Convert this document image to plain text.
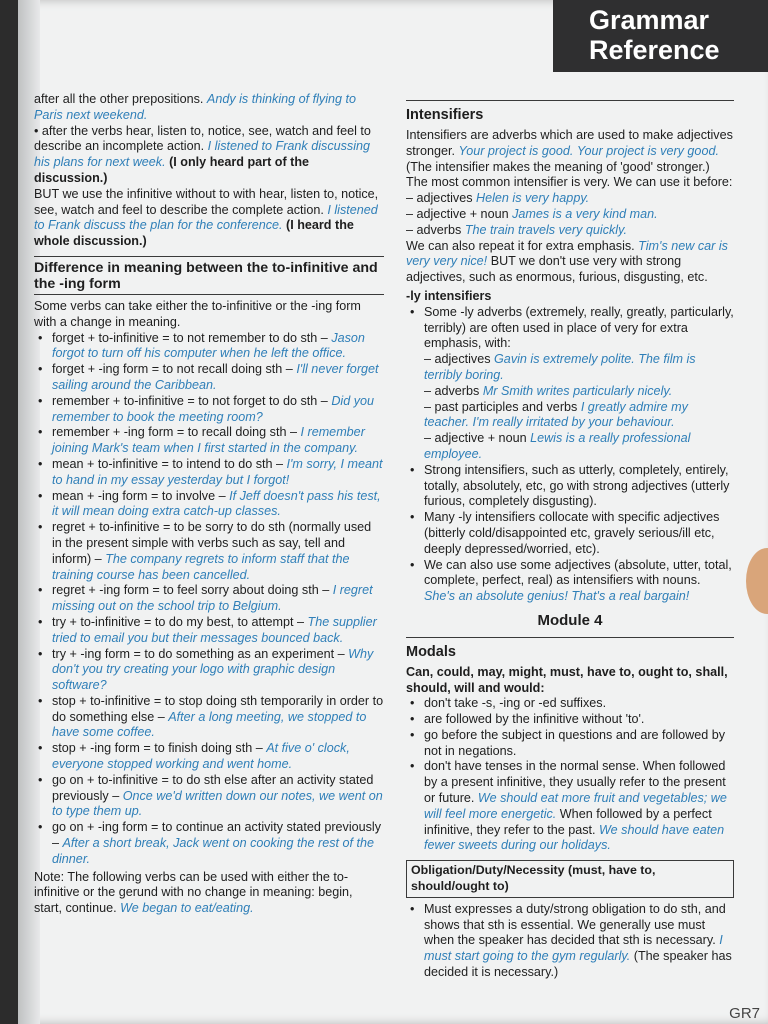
Grammar
Reference

after all the other prepositions. Andy is thinking of flying to Paris next weekend.

• after the verbs hear, listen to, notice, see, watch and feel to describe an incomplete action. I listened to Frank discussing his plans for next week. (I only heard part of the discussion.)

BUT we use the infinitive without to with hear, listen to, notice, see, watch and feel to describe the complete action. I listened to Frank discuss the plan for the conference. (I heard the whole discussion.)

Difference in meaning between the to-infinitive and the -ing form

Some verbs can take either the to-infinitive or the -ing form with a change in meaning.

• forget + to-infinitive = to not remember to do sth – Jason forgot to turn off his computer when he left the office.

• forget + -ing form = to not recall doing sth – I'll never forget sailing around the Caribbean.

• remember + to-infinitive = to not forget to do sth – Did you remember to book the meeting room?

• remember + -ing form = to recall doing sth – I remember joining Mark's team when I first started in the company.

• mean + to-infinitive = to intend to do sth – I'm sorry, I meant to hand in my essay yesterday but I forgot!

• mean + -ing form = to involve – If Jeff doesn't pass his test, it will mean doing extra catch-up classes.

• regret + to-infinitive = to be sorry to do sth (normally used in the present simple with verbs such as say, tell and inform) – The company regrets to inform staff that the training course has been cancelled.

• regret + -ing form = to feel sorry about doing sth – I regret missing out on the school trip to Belgium.

• try + to-infinitive = to do my best, to attempt – The supplier tried to email you but their messages bounced back.

• try + -ing form = to do something as an experiment – Why don't you try creating your logo with graphic design software?

• stop + to-infinitive = to stop doing sth temporarily in order to do something else – After a long meeting, we stopped to have some coffee.

• stop + -ing form = to finish doing sth – At five o' clock, everyone stopped working and went home.

• go on + to-infinitive = to do sth else after an activity stated previously – Once we'd written down our notes, we went on to type them up.

• go on + -ing form = to continue an activity stated previously – After a short break, Jack went on cooking the rest of the dinner.

Note: The following verbs can be used with either the to-infinitive or the gerund with no change in meaning: begin, start, continue. We began to eat/eating.

Intensifiers

Intensifiers are adverbs which are used to make adjectives stronger. Your project is good. Your project is very good. (The intensifier makes the meaning of 'good' stronger.)

The most common intensifier is very. We can use it before:

– adjectives Helen is very happy.

– adjective + noun James is a very kind man.

– adverbs The train travels very quickly.

We can also repeat it for extra emphasis. Tim's new car is very very nice! BUT we don't use very with strong adjectives, such as enormous, furious, disgusting, etc.

-ly intensifiers

• Some -ly adverbs (extremely, really, greatly, particularly, terribly) are often used in place of very for extra emphasis, with:

– adjectives Gavin is extremely polite. The film is terribly boring.

– adverbs Mr Smith writes particularly nicely.

– past participles and verbs I greatly admire my teacher. I'm really irritated by your behaviour.

– adjective + noun Lewis is a really professional employee.

• Strong intensifiers, such as utterly, completely, entirely, totally, absolutely, etc, go with strong adjectives (utterly furious, completely disgusting).

• Many -ly intensifiers collocate with specific adjectives (bitterly cold/disappointed etc, gravely serious/ill etc, deeply depressed/worried, etc).

• We can also use some adjectives (absolute, utter, total, complete, perfect, real) as intensifiers with nouns. She's an absolute genius! That's a real bargain!

Module 4
Modals

Can, could, may, might, must, have to, ought to, shall, should, will and would:

• don't take -s, -ing or -ed suffixes.

• are followed by the infinitive without 'to'.

• go before the subject in questions and are followed by not in negations.

• don't have tenses in the normal sense. When followed by a present infinitive, they usually refer to the present or future. We should eat more fruit and vegetables; we will feel more energetic. When followed by a perfect infinitive, they refer to the past. We should have eaten fewer sweets during our holidays.

Obligation/Duty/Necessity (must, have to, should/ought to)

• Must expresses a duty/strong obligation to do sth, and shows that sth is essential. We generally use must when the speaker has decided that sth is necessary. I must start going to the gym regularly. (The speaker has decided it is necessary.)

GR7
